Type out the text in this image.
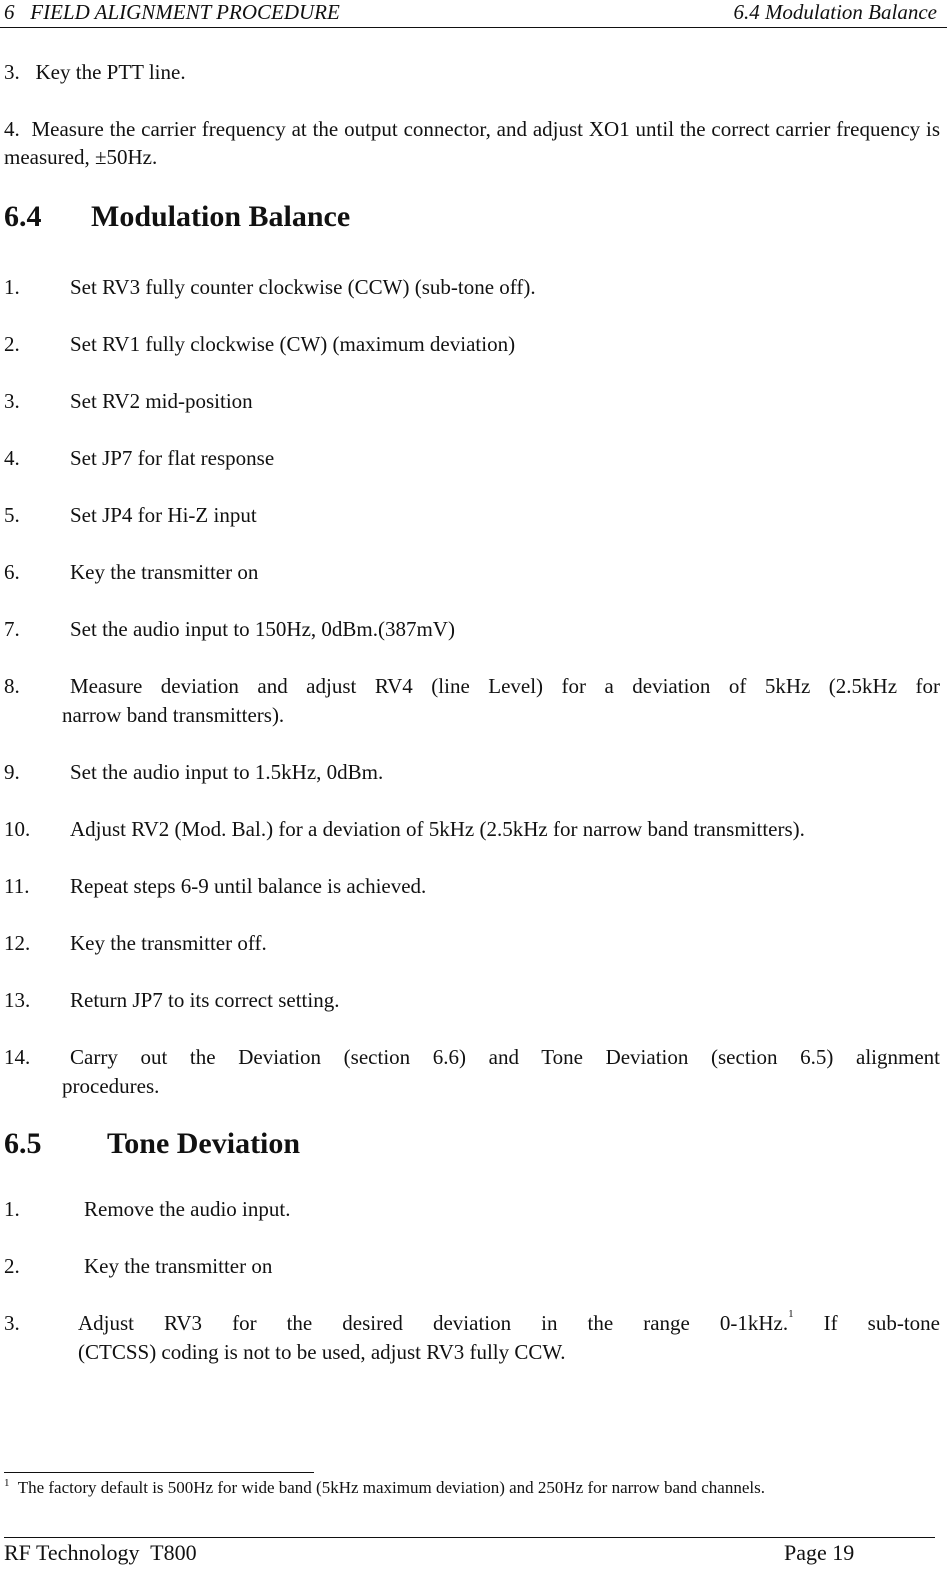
6   FIELD ALIGNMENT PROCEDURE	6.4 Modulation Balance
3. Key the PTT line.
4. Measure the carrier frequency at the output connector, and adjust XO1 until the correct carrier frequency is measured, ±50Hz.
6.4 Modulation Balance
1. Set RV3 fully counter clockwise (CCW) (sub-tone off).
2. Set RV1 fully clockwise (CW) (maximum deviation)
3. Set RV2 mid-position
4. Set JP7 for flat response
5. Set JP4 for Hi-Z input
6. Key the transmitter on
7. Set the audio input to 150Hz, 0dBm.(387mV)
8. Measure deviation and adjust RV4 (line Level) for a deviation of 5kHz (2.5kHz for
narrow band transmitters).
9. Set the audio input to 1.5kHz, 0dBm.
10. Adjust RV2 (Mod. Bal.) for a deviation of 5kHz (2.5kHz for narrow band transmitters).
11. Repeat steps 6-9 until balance is achieved.
12. Key the transmitter off.
13. Return JP7 to its correct setting.
14. Carry out the Deviation (section 6.6) and Tone Deviation (section 6.5) alignment
procedures.
6.5 Tone Deviation
1.	Remove the audio input.
2.	Key the transmitter on
3.	Adjust RV3 for the desired deviation in the range 0-1kHz.$^1$ If sub-tone
(CTCSS) coding is not to be used, adjust RV3 fully CCW.
$^1$  The factory default is 500Hz for wide band (5kHz maximum deviation) and 250Hz for narrow band channels.
RF Technology  T800	Page 19
